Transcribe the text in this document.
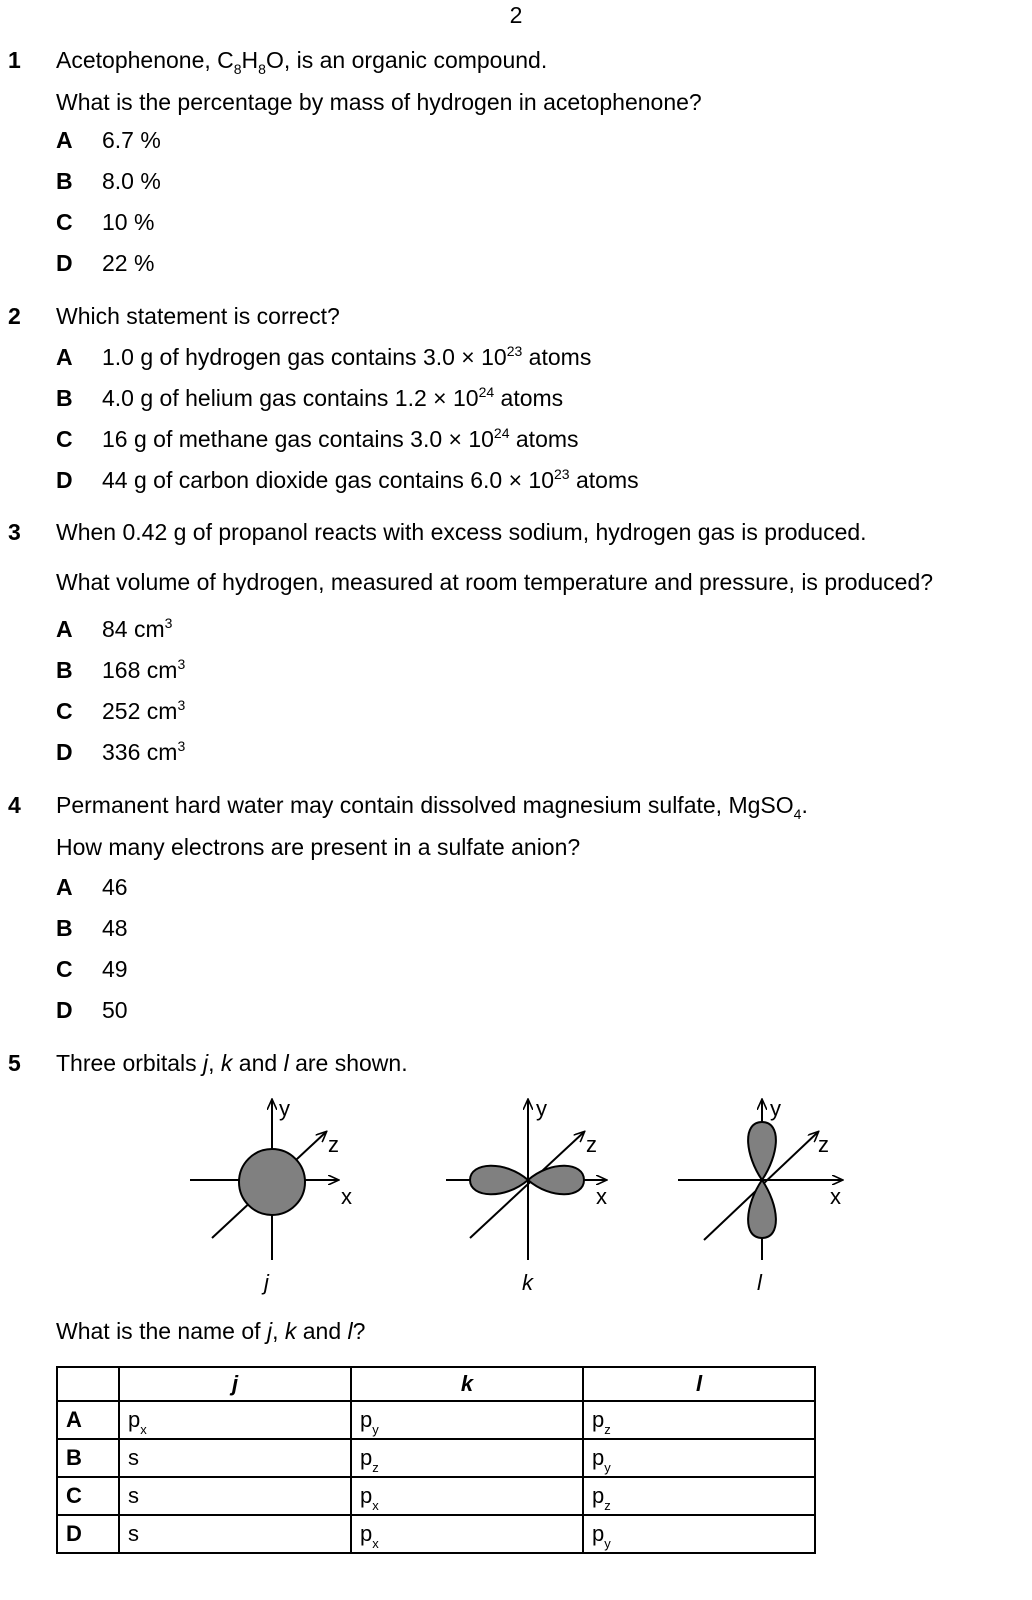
2
1 Acetophenone, $C_8H_8O$, is an organic compound.
What is the percentage by mass of hydrogen in acetophenone?
A 6.7 %
B 8.0 %
C 10 %
D 22 %
2 Which statement is correct?
A 1.0 g of hydrogen gas contains $3.0 \times 10^{23}$ atoms
B 4.0 g of helium gas contains $1.2 \times 10^{24}$ atoms
C 16 g of methane gas contains $3.0 \times 10^{24}$ atoms
D 44 g of carbon dioxide gas contains $6.0 \times 10^{23}$ atoms
3 When 0.42 g of propanol reacts with excess sodium, hydrogen gas is produced.
What volume of hydrogen, measured at room temperature and pressure, is produced?
A 84 $cm^3$
B 168 $cm^3$
C 252 $cm^3$
D 336 $cm^3$
4 Permanent hard water may contain dissolved magnesium sulfate, MgSO$_4$.
How many electrons are present in a sulfate anion?
A 46
B 48
C 49
D 50
5 Three orbitals j, k and l are shown.
y
z
x
j
y
z
x
k
y
z
x
l
What is the name of j, k and l?
	j	k	l
A	$p_x$	$p_y$	$p_z$
B	s	$p_z$	$p_y$
C	s	$p_x$	$p_z$
D	s	$p_x$	$p_y$
